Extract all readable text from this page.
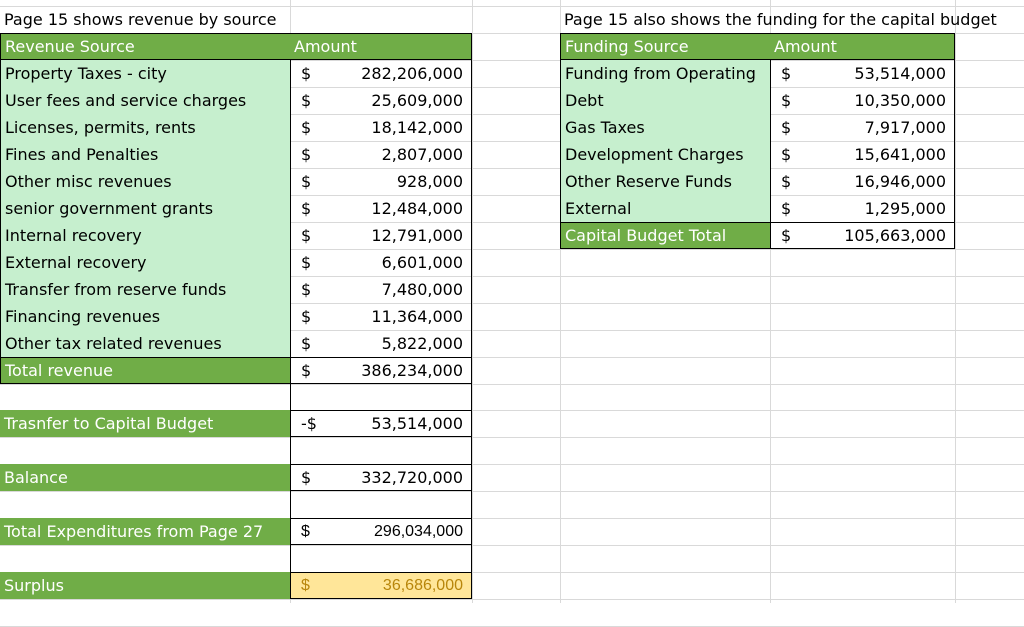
Page 15 shows revenue by source
Revenue Source	Amount
Property Taxes - city	$	282,206,000
User fees and service charges	$	25,609,000
Licenses, permits, rents	$	18,142,000
Fines and Penalties	$	2,807,000
Other misc revenues	$	928,000
senior government grants	$	12,484,000
Internal recovery	$	12,791,000
External recovery	$	6,601,000
Transfer from reserve funds	$	7,480,000
Financing revenues	$	11,364,000
Other tax related revenues	$	5,822,000
Total revenue	$	386,234,000
Trasnfer to Capital Budget	-$	53,514,000
Balance	$	332,720,000
Total Expenditures from Page 27	$	296,034,000
Surplus	$	36,686,000
Page 15 also shows the funding for the capital budget
Funding Source	Amount
Funding from Operating	$	53,514,000
Debt	$	10,350,000
Gas Taxes	$	7,917,000
Development Charges	$	15,641,000
Other Reserve Funds	$	16,946,000
External	$	1,295,000
Capital Budget Total	$	105,663,000
